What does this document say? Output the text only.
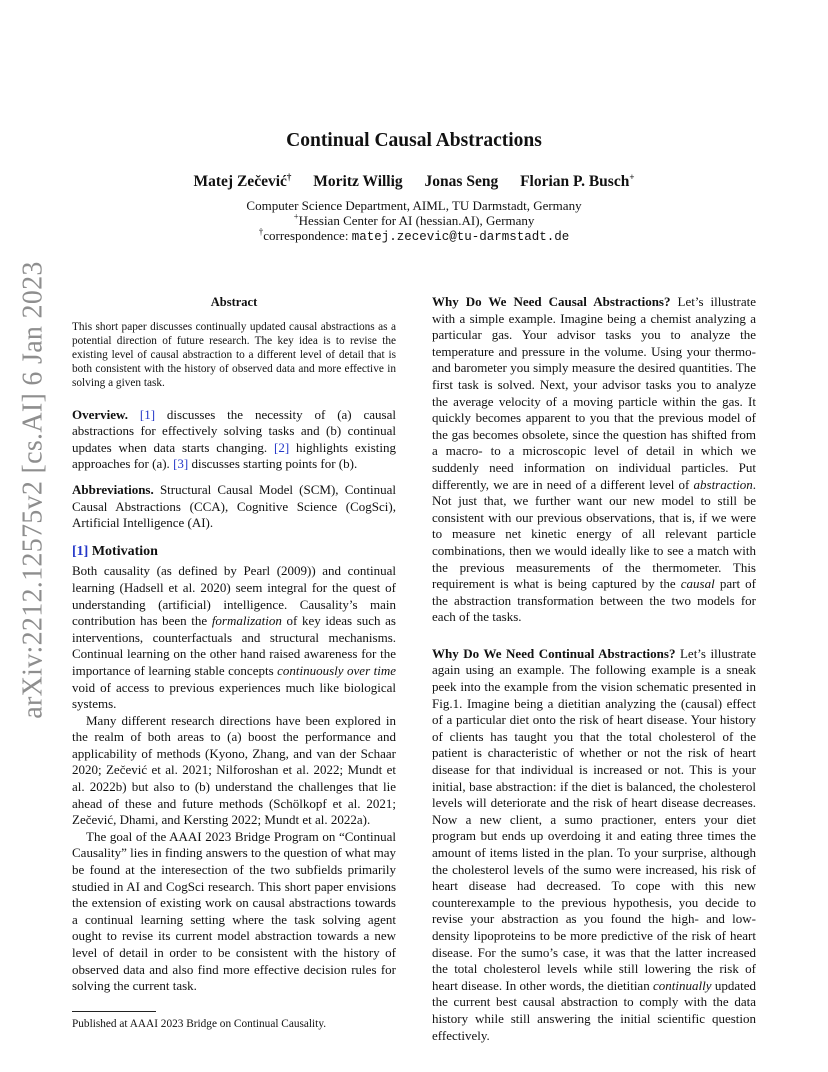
arXiv:2212.12575v2 [cs.AI] 6 Jan 2023
Continual Causal Abstractions
Matej Zečević† Moritz Willig Jonas Seng Florian P. Busch+
Computer Science Department, AIML, TU Darmstadt, Germany
+Hessian Center for AI (hessian.AI), Germany
†correspondence: matej.zecevic@tu-darmstadt.de
Abstract

This short paper discusses continually updated causal abstractions as a potential direction of future research. The key idea is to revise the existing level of causal abstraction to a different level of detail that is both consistent with the history of observed data and more effective in solving a given task.

Overview. [1] discusses the necessity of (a) causal abstractions for effectively solving tasks and (b) continual updates when data starts changing. [2] highlights existing approaches for (a). [3] discusses starting points for (b).

Abbreviations. Structural Causal Model (SCM), Continual Causal Abstractions (CCA), Cognitive Science (CogSci), Artificial Intelligence (AI).

[1] Motivation

Both causality (as defined by Pearl (2009)) and continual learning (Hadsell et al. 2020) seem integral for the quest of understanding (artificial) intelligence. Causality’s main contribution has been the formalization of key ideas such as interventions, counterfactuals and structural mechanisms. Continual learning on the other hand raised awareness for the importance of learning stable concepts continuously over time void of access to previous experiences much like biological systems.

Many different research directions have been explored in the realm of both areas to (a) boost the performance and applicability of methods (Kyono, Zhang, and van der Schaar 2020; Zečević et al. 2021; Nilforoshan et al. 2022; Mundt et al. 2022b) but also to (b) understand the challenges that lie ahead of these and future methods (Schölkopf et al. 2021; Zečević, Dhami, and Kersting 2022; Mundt et al. 2022a).

The goal of the AAAI 2023 Bridge Program on “Continual Causality” lies in finding answers to the question of what may be found at the interesection of the two subfields primarily studied in AI and CogSci research. This short paper envisions the extension of existing work on causal abstractions towards a continual learning setting where the task solving agent ought to revise its current model abstraction towards a new level of detail in order to be consistent with the history of observed data and also find more effective decision rules for solving the current task.

Published at AAAI 2023 Bridge on Continual Causality.

Why Do We Need Causal Abstractions? Let’s illustrate with a simple example. Imagine being a chemist analyzing a particular gas. Your advisor tasks you to analyze the temperature and pressure in the volume. Using your thermo- and barometer you simply measure the desired quantities. The first task is solved. Next, your advisor tasks you to analyze the average velocity of a moving particle within the gas. It quickly becomes apparent to you that the previous model of the gas becomes obsolete, since the question has shifted from a macro- to a microscopic level of detail in which we suddenly need information on individual particles. Put differently, we are in need of a different level of abstraction. Not just that, we further want our new model to still be consistent with our previous observations, that is, if we were to measure net kinetic energy of all relevant particle combinations, then we would ideally like to see a match with the previous measurements of the thermometer. This requirement is what is being captured by the causal part of the abstraction transformation between the two models for each of the tasks.

Why Do We Need Continual Abstractions? Let’s illustrate again using an example. The following example is a sneak peek into the example from the vision schematic presented in Fig.1. Imagine being a dietitian analyzing the (causal) effect of a particular diet onto the risk of heart disease. Your history of clients has taught you that the total cholesterol of the patient is characteristic of whether or not the risk of heart disease for that individual is increased or not. This is your initial, base abstraction: if the diet is balanced, the cholesterol levels will deteriorate and the risk of heart disease decreases. Now a new client, a sumo practioner, enters your diet program but ends up overdoing it and eating three times the amount of items listed in the plan. To your surprise, although the cholesterol levels of the sumo were increased, his risk of heart disease had decreased. To cope with this new counterexample to the previous hypothesis, you decide to revise your abstraction as you found the high- and low-density lipoproteins to be more predictive of the risk of heart disease. For the sumo’s case, it was that the latter increased the total cholesterol levels while still lowering the risk of heart disease. In other words, the dietitian continually updated the current best causal abstraction to comply with the data history while still answering the initial scientific question effectively.
